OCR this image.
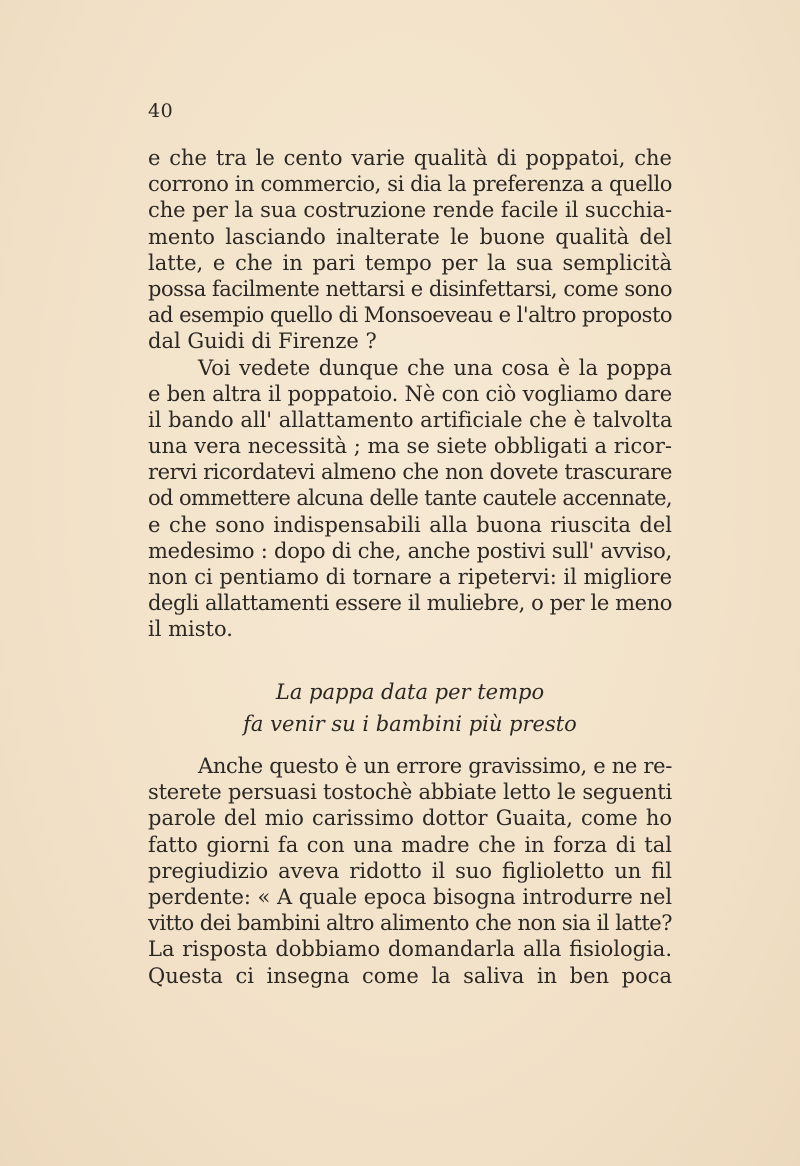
40
e che tra le cento varie qualità di poppatoi, che
corrono in commercio, si dia la preferenza a quello
che per la sua costruzione rende facile il succhia-
mento lasciando inalterate le buone qualità del
latte, e che in pari tempo per la sua semplicità
possa facilmente nettarsi e disinfettarsi, come sono
ad esempio quello di Monsoeveau e l'altro proposto
dal Guidi di Firenze ?
Voi vedete dunque che una cosa è la poppa
e ben altra il poppatoio. Nè con ciò vogliamo dare
il bando all' allattamento artificiale che è talvolta
una vera necessità ; ma se siete obbligati a ricor-
rervi ricordatevi almeno che non dovete trascurare
od ommettere alcuna delle tante cautele accennate,
e che sono indispensabili alla buona riuscita del
medesimo : dopo di che, anche postivi sull' avviso,
non ci pentiamo di tornare a ripetervi: il migliore
degli allattamenti essere il muliebre, o per le meno
il misto.
La pappa data per tempo
fa venir su i bambini più presto
Anche questo è un errore gravissimo, e ne re-
sterete persuasi tostochè abbiate letto le seguenti
parole del mio carissimo dottor Guaita, come ho
fatto giorni fa con una madre che in forza di tal
pregiudizio aveva ridotto il suo figlioletto un fil
perdente: « A quale epoca bisogna introdurre nel
vitto dei bambini altro alimento che non sia il latte?
La risposta dobbiamo domandarla alla fisiologia.
Questa ci insegna come la saliva in ben poca
